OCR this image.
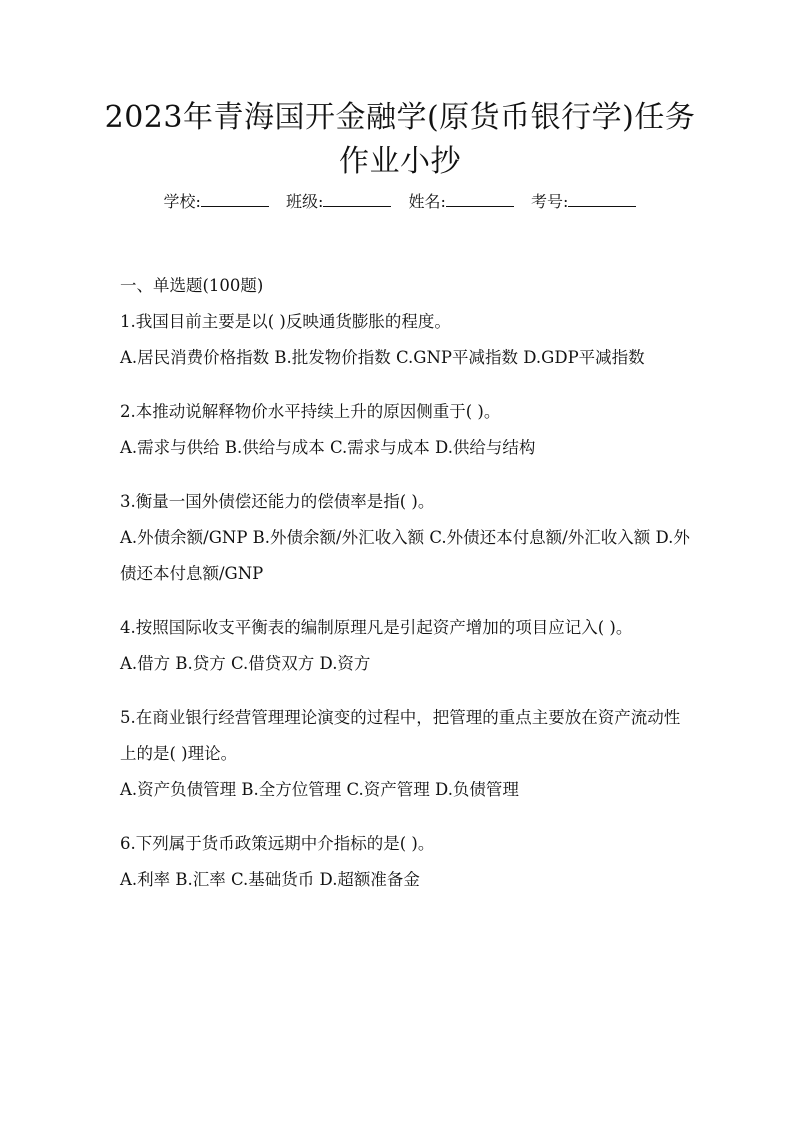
2023年青海国开金融学(原货币银行学)任务作业小抄
学校:	班级:	姓名:	考号:

一、单选题(100题)

1.我国目前主要是以( )反映通货膨胀的程度。

A.居民消费价格指数 B.批发物价指数 C.GNP平减指数 D.GDP平减指数

2.本推动说解释物价水平持续上升的原因侧重于( )。

A.需求与供给 B.供给与成本 C.需求与成本 D.供给与结构

3.衡量一国外债偿还能力的偿债率是指( )。

A.外债余额/GNP B.外债余额/外汇收入额 C.外债还本付息额/外汇收入额 D.外债还本付息额/GNP

4.按照国际收支平衡表的编制原理凡是引起资产增加的项目应记入( )。

A.借方 B.贷方 C.借贷双方 D.资方

5.在商业银行经营管理理论演变的过程中，把管理的重点主要放在资产流动性上的是( )理论。

A.资产负债管理 B.全方位管理 C.资产管理 D.负债管理

6.下列属于货币政策远期中介指标的是( )。

A.利率 B.汇率 C.基础货币 D.超额准备金
